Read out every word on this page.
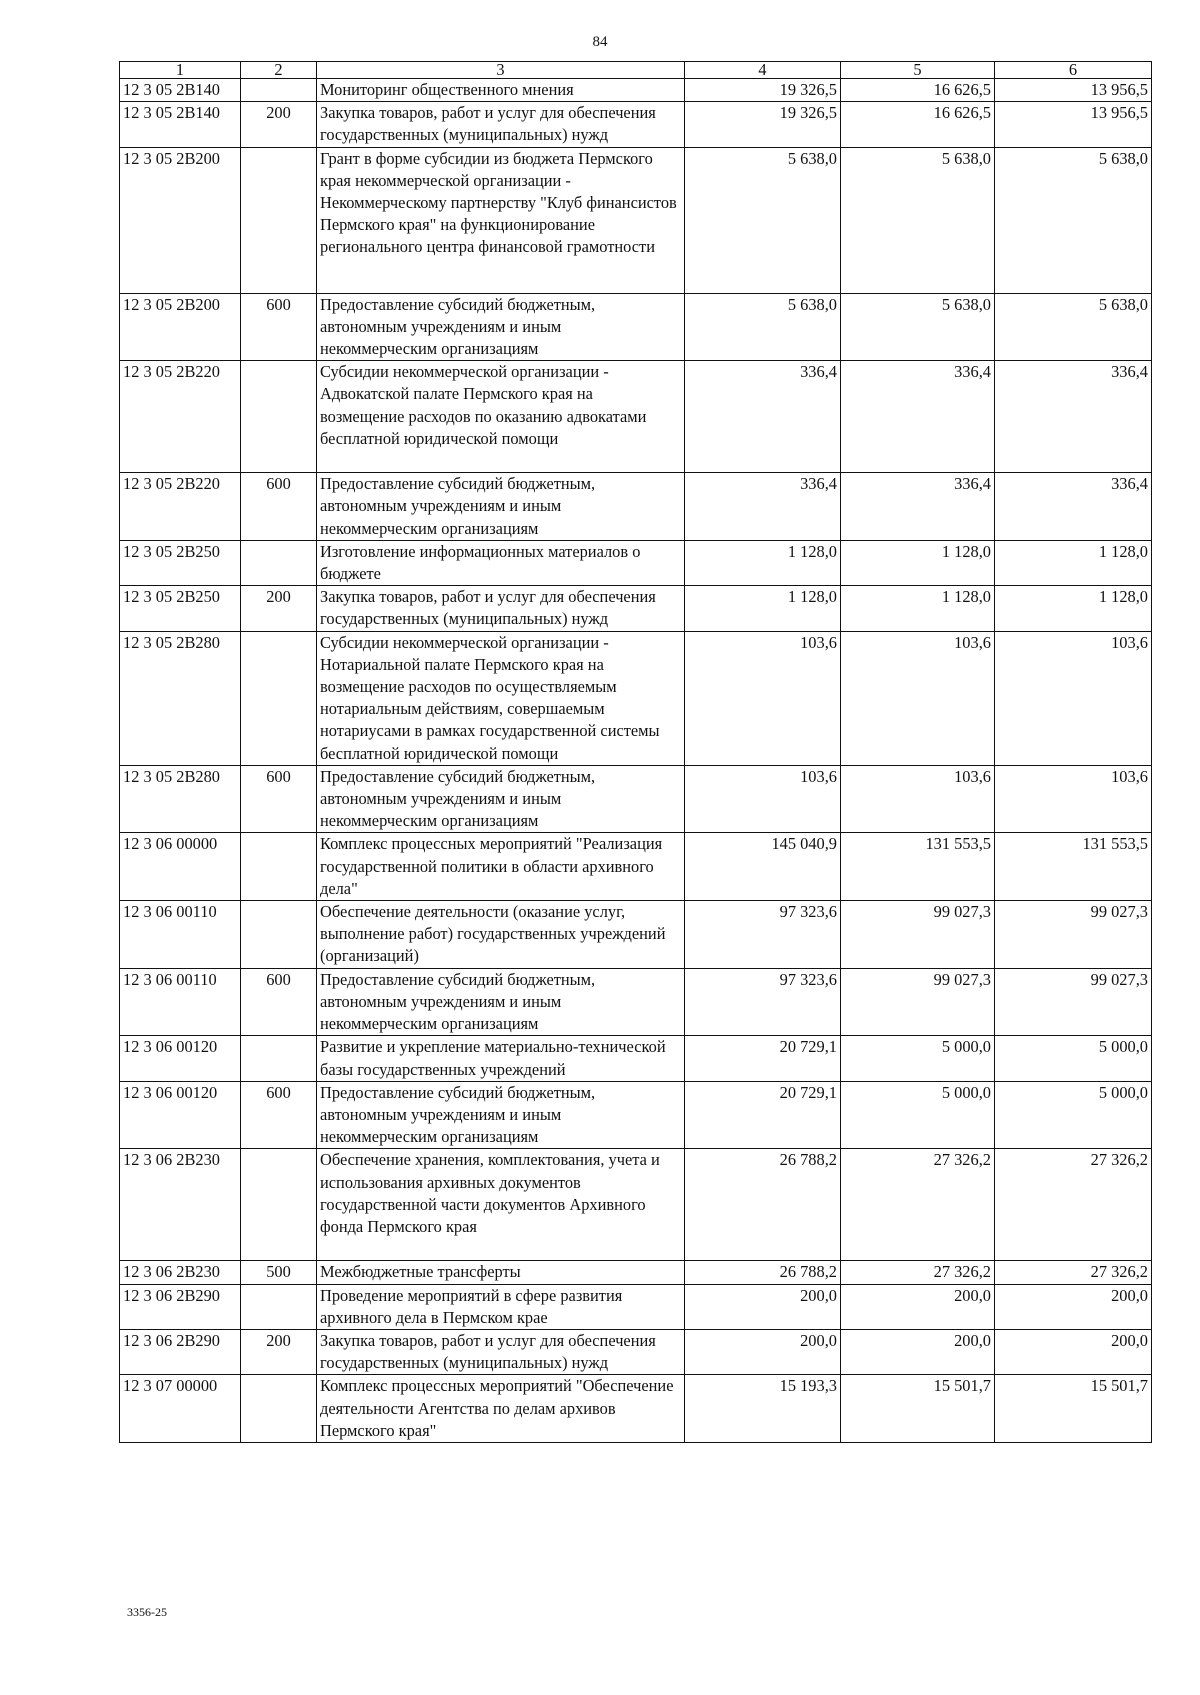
84
1	2	3	4	5	6
12 3 05 2В140		Мониторинг общественного мнения	19 326,5	16 626,5	13 956,5
12 3 05 2В140	200	Закупка товаров, работ и услуг для обеспечения государственных (муниципальных) нужд	19 326,5	16 626,5	13 956,5
12 3 05 2В200		Грант в форме субсидии из бюджета Пермского края некоммерческой организации - Некоммерческому партнерству "Клуб финансистов Пермского края" на функционирование регионального центра финансовой грамотности	5 638,0	5 638,0	5 638,0
12 3 05 2В200	600	Предоставление субсидий бюджетным, автономным учреждениям и иным некоммерческим организациям	5 638,0	5 638,0	5 638,0
12 3 05 2В220		Субсидии некоммерческой организации - Адвокатской палате Пермского края на возмещение расходов по оказанию адвокатами бесплатной юридической помощи	336,4	336,4	336,4
12 3 05 2В220	600	Предоставление субсидий бюджетным, автономным учреждениям и иным некоммерческим организациям	336,4	336,4	336,4
12 3 05 2В250		Изготовление информационных материалов о бюджете	1 128,0	1 128,0	1 128,0
12 3 05 2В250	200	Закупка товаров, работ и услуг для обеспечения государственных (муниципальных) нужд	1 128,0	1 128,0	1 128,0
12 3 05 2В280		Субсидии некоммерческой организации - Нотариальной палате Пермского края на возмещение расходов по осуществляемым нотариальным действиям, совершаемым нотариусами в рамках государственной системы бесплатной юридической помощи	103,6	103,6	103,6
12 3 05 2В280	600	Предоставление субсидий бюджетным, автономным учреждениям и иным некоммерческим организациям	103,6	103,6	103,6
12 3 06 00000		Комплекс процессных мероприятий "Реализация государственной политики в области архивного дела"	145 040,9	131 553,5	131 553,5
12 3 06 00110		Обеспечение деятельности (оказание услуг, выполнение работ) государственных учреждений (организаций)	97 323,6	99 027,3	99 027,3
12 3 06 00110	600	Предоставление субсидий бюджетным, автономным учреждениям и иным некоммерческим организациям	97 323,6	99 027,3	99 027,3
12 3 06 00120		Развитие и укрепление материально-технической базы государственных учреждений	20 729,1	5 000,0	5 000,0
12 3 06 00120	600	Предоставление субсидий бюджетным, автономным учреждениям и иным некоммерческим организациям	20 729,1	5 000,0	5 000,0
12 3 06 2В230		Обеспечение хранения, комплектования, учета и использования архивных документов государственной части документов Архивного фонда Пермского края	26 788,2	27 326,2	27 326,2
12 3 06 2В230	500	Межбюджетные трансферты	26 788,2	27 326,2	27 326,2
12 3 06 2В290		Проведение мероприятий в сфере развития архивного дела в Пермском крае	200,0	200,0	200,0
12 3 06 2В290	200	Закупка товаров, работ и услуг для обеспечения государственных (муниципальных) нужд	200,0	200,0	200,0
12 3 07 00000		Комплекс процессных мероприятий "Обеспечение деятельности Агентства по делам архивов Пермского края"	15 193,3	15 501,7	15 501,7
3356-25
